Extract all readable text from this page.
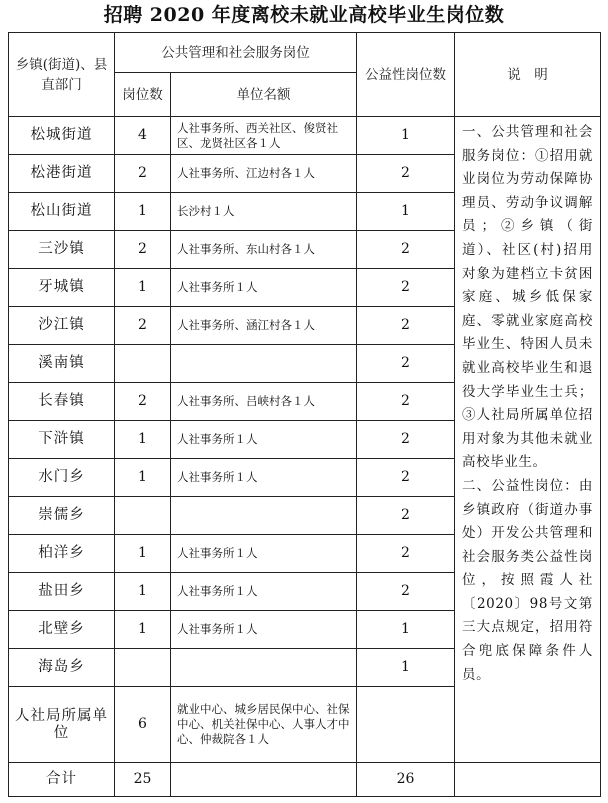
招聘 2020 年度离校未就业高校毕业生岗位数
乡镇(街道)、县直部门	公共管理和社会服务岗位		公益性岗位数	说　明
	岗位数	单位名额		
松城街道	4	人社事务所、西关社区、俊贤社区、龙贤社区各１人	1	一、公共管理和社会服务岗位：①招用就业岗位为劳动保障协理员、劳动争议调解员；②乡镇（街道）、社区(村)招用对象为建档立卡贫困家庭、城乡低保家庭、零就业家庭高校毕业生、特困人员未就业高校毕业生和退役大学毕业生士兵；③人社局所属单位招用对象为其他未就业高校毕业生。
二、公益性岗位：由乡镇政府（街道办事处）开发公共管理和社会服务类公益性岗位，按照霞人社〔2020〕98号文第三大点规定，招用符合兜底保障条件人员。
松港街道	2	人社事务所、江边村各１人	2	
松山街道	1	长沙村１人	1	
三沙镇	2	人社事务所、东山村各１人	2	
牙城镇	1	人社事务所１人	2	
沙江镇	2	人社事务所、涵江村各１人	2	
溪南镇			2	
长春镇	2	人社事务所、吕峡村各１人	2	
下浒镇	1	人社事务所１人	2	
水门乡	1	人社事务所１人	2	
崇儒乡			2	
柏洋乡	1	人社事务所１人	2	
盐田乡	1	人社事务所１人	2	
北壁乡	1	人社事务所１人	1	
海岛乡			1	
人社局所属单位	6	就业中心、城乡居民保中心、社保中心、机关社保中心、人事人才中心、仲裁院各１人		
合计	25		26	
